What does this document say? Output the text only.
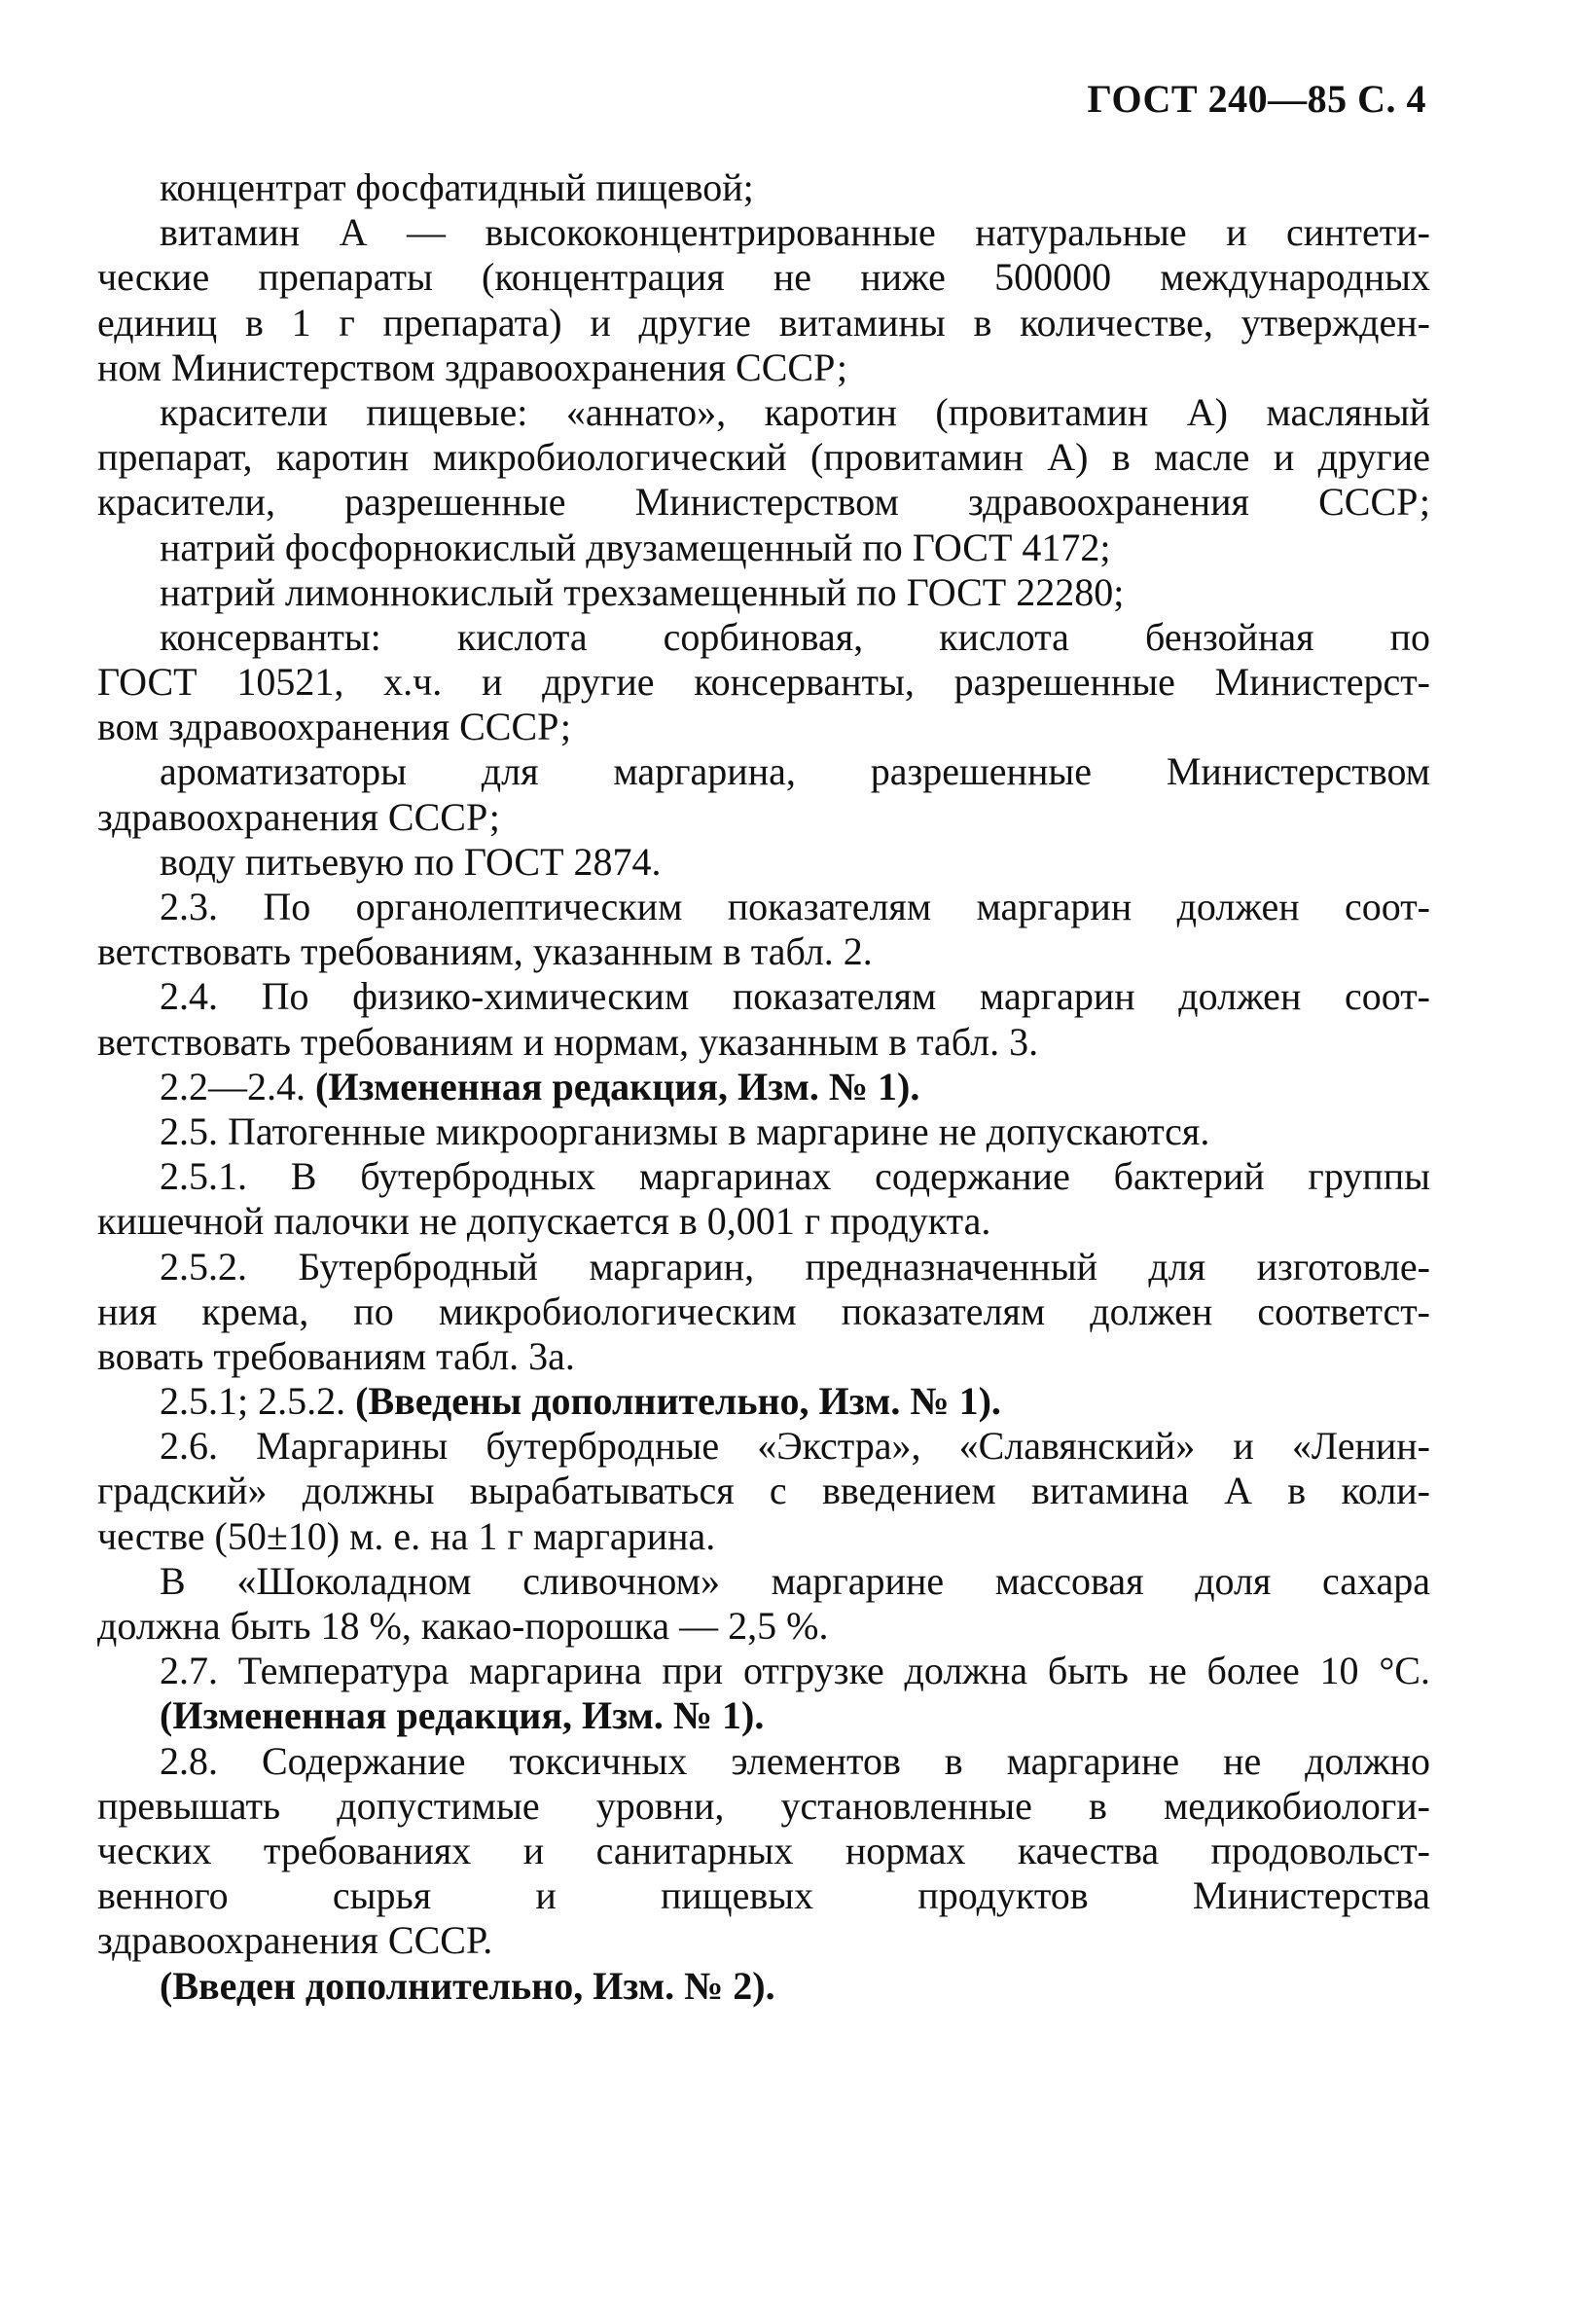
ГОСТ 240—85 С. 4
концентрат фосфатидный пищевой;
витамин А — высококонцентрированные натуральные и синтети-
ческие препараты (концентрация не ниже 500000 международных
единиц в 1 г препарата) и другие витамины в количестве, утвержден-
ном Министерством здравоохранения СССР;
красители пищевые: «аннато», каротин (провитамин А) масляный
препарат, каротин микробиологический (провитамин А) в масле и другие
красители, разрешенные Министерством здравоохранения СССР;
натрий фосфорнокислый двузамещенный по ГОСТ 4172;
натрий лимоннокислый трехзамещенный по ГОСТ 22280;
консерванты: кислота сорбиновая, кислота бензойная по
ГОСТ 10521, х.ч. и другие консерванты, разрешенные Министерст-
вом здравоохранения СССР;
ароматизаторы для маргарина, разрешенные Министерством
здравоохранения СССР;
воду питьевую по ГОСТ 2874.
2.3. По органолептическим показателям маргарин должен соот-
ветствовать требованиям, указанным в табл. 2.
2.4. По физико-химическим показателям маргарин должен соот-
ветствовать требованиям и нормам, указанным в табл. 3.
2.2—2.4. (Измененная редакция, Изм. № 1).
2.5. Патогенные микроорганизмы в маргарине не допускаются.
2.5.1. В бутербродных маргаринах содержание бактерий группы
кишечной палочки не допускается в 0,001 г продукта.
2.5.2. Бутербродный маргарин, предназначенный для изготовле-
ния крема, по микробиологическим показателям должен соответст-
вовать требованиям табл. 3а.
2.5.1; 2.5.2. (Введены дополнительно, Изм. № 1).
2.6. Маргарины бутербродные «Экстра», «Славянский» и «Ленин-
градский» должны вырабатываться с введением витамина А в коли-
честве (50±10) м. е. на 1 г маргарина.
В «Шоколадном сливочном» маргарине массовая доля сахара
должна быть 18 %, какао-порошка — 2,5 %.
2.7. Температура маргарина при отгрузке должна быть не более 10 °С.
(Измененная редакция, Изм. № 1).
2.8. Содержание токсичных элементов в маргарине не должно
превышать допустимые уровни, установленные в медикобиологи-
ческих требованиях и санитарных нормах качества продовольст-
венного сырья и пищевых продуктов Министерства
здравоохранения СССР.
(Введен дополнительно, Изм. № 2).
